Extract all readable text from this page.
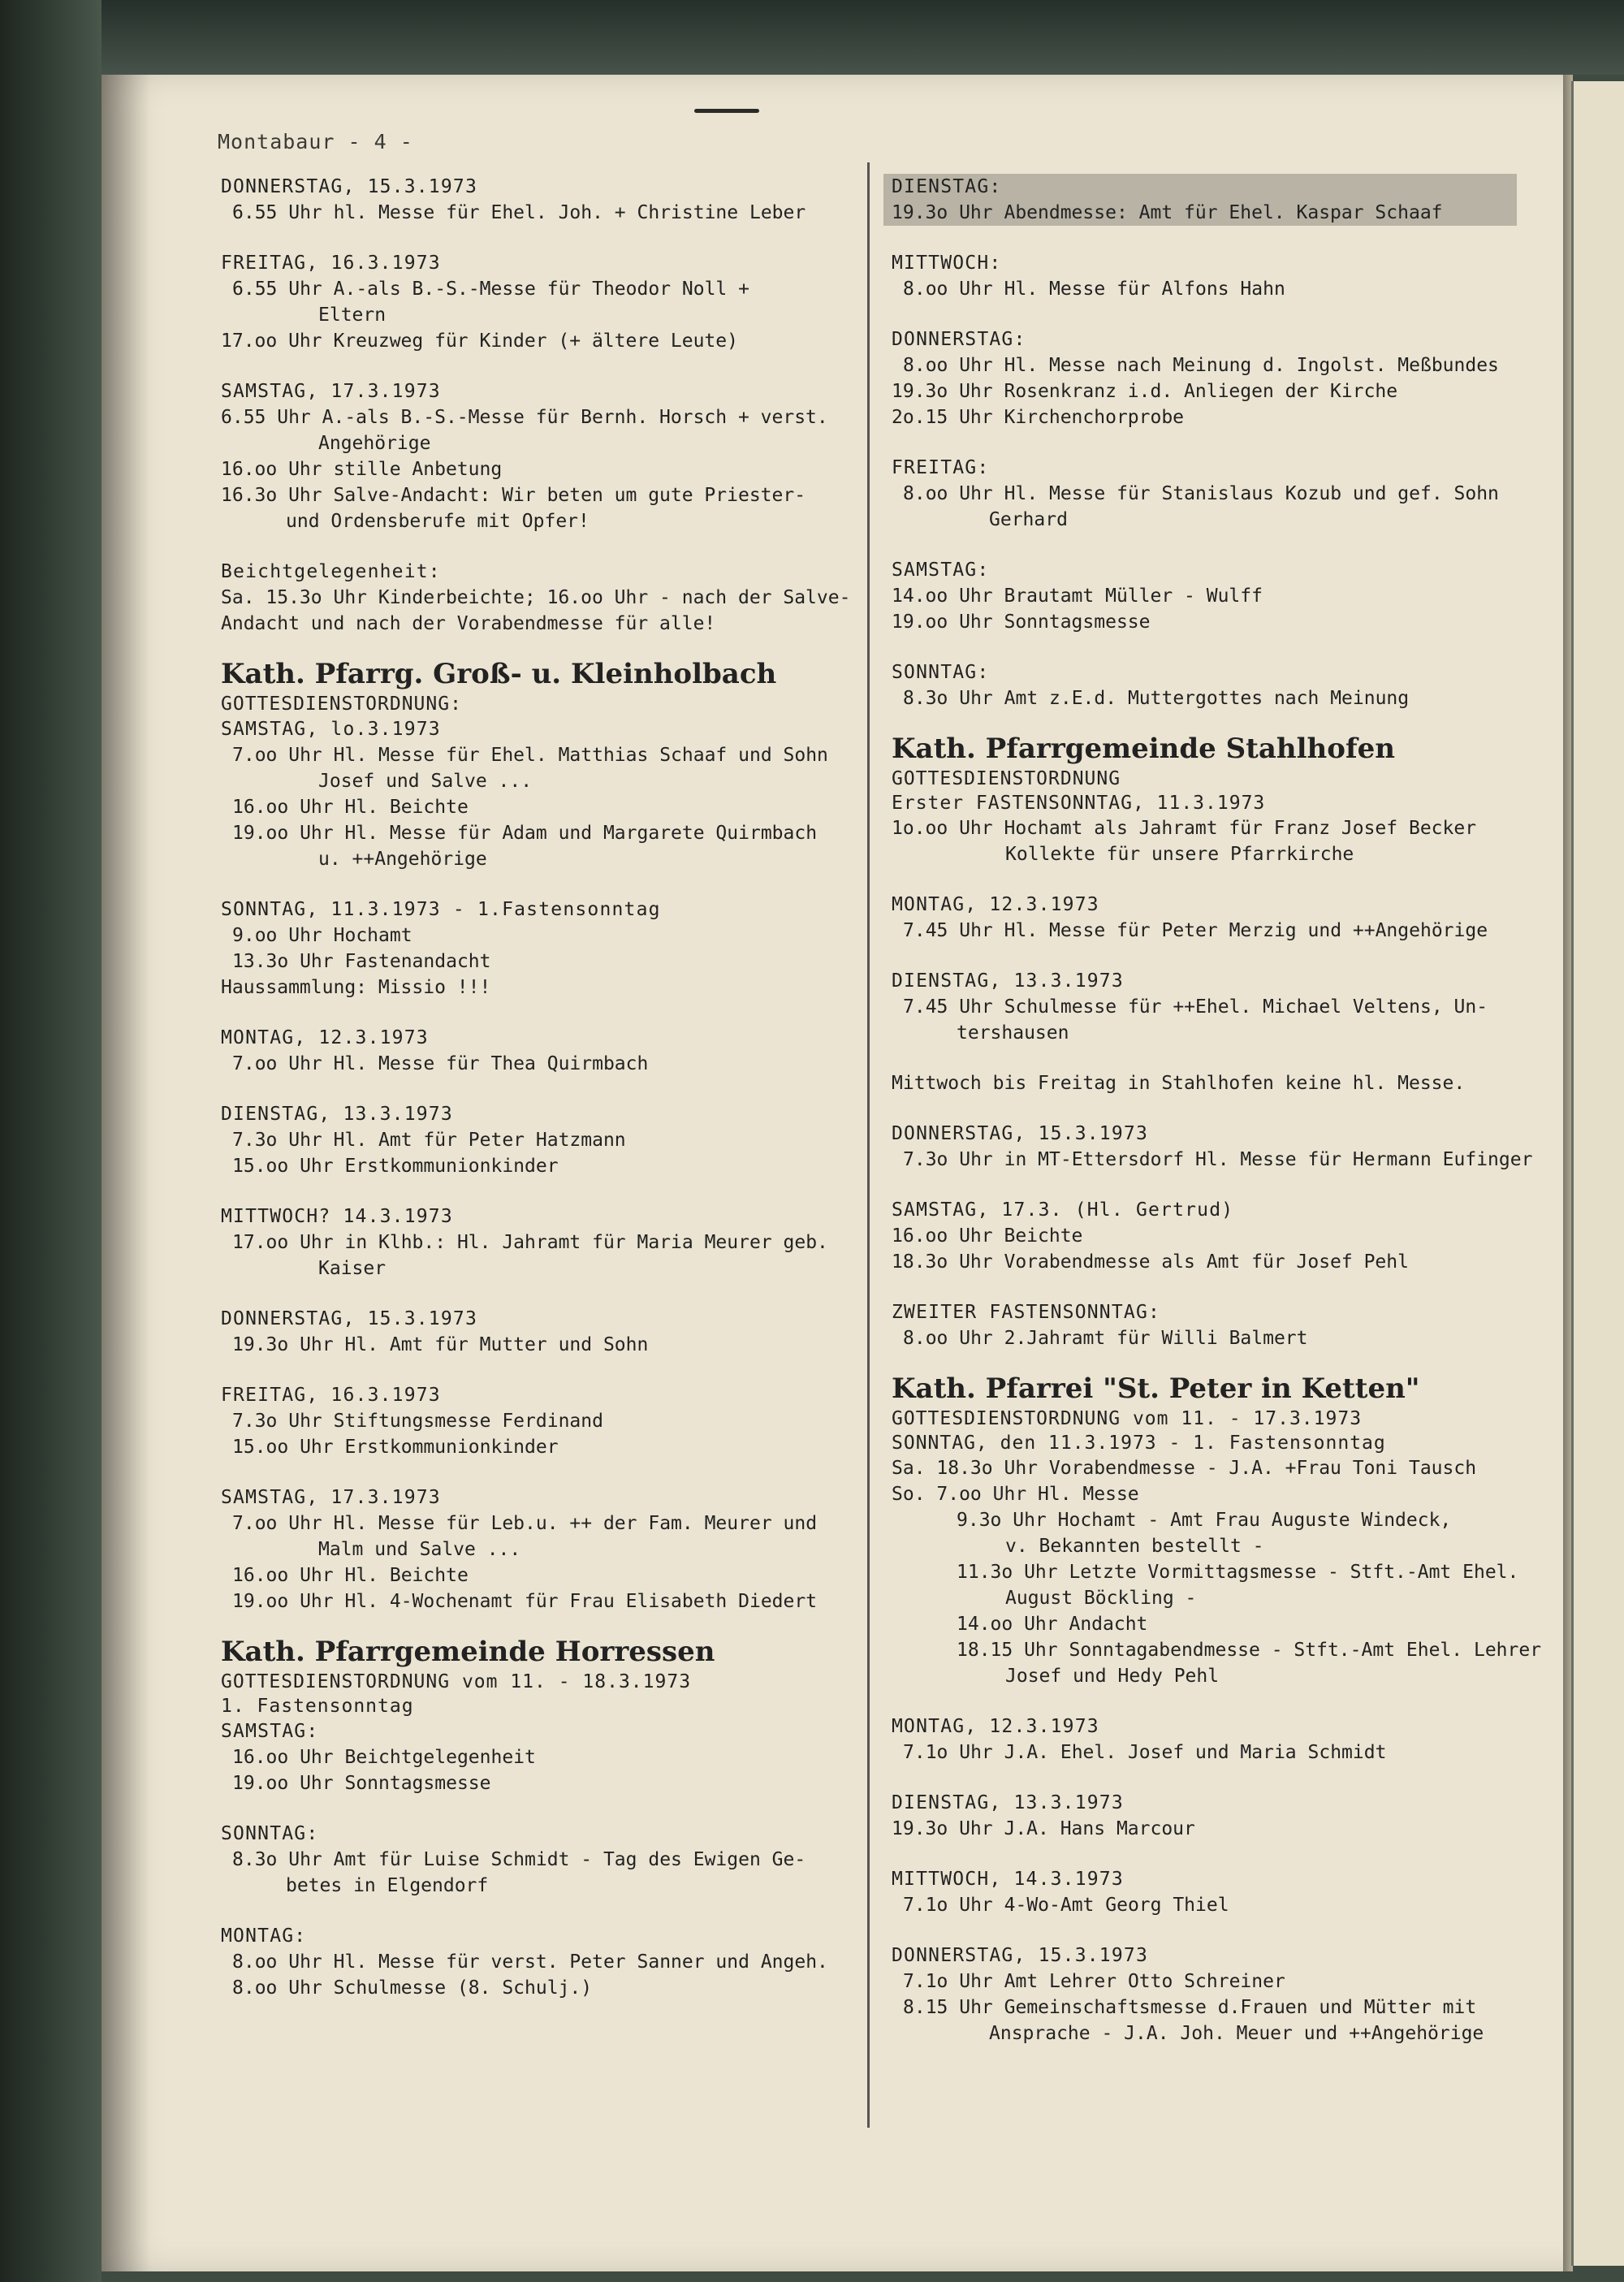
Montabaur - 4 -
DONNERSTAG, 15.3.1973
6.55 Uhr hl. Messe für Ehel. Joh. + Christine Leber
FREITAG, 16.3.1973
6.55 Uhr A.-als B.-S.-Messe für Theodor Noll +
Eltern
17.oo Uhr Kreuzweg für Kinder (+ ältere Leute)
SAMSTAG, 17.3.1973
6.55 Uhr A.-als B.-S.-Messe für Bernh. Horsch + verst.
Angehörige
16.oo Uhr stille Anbetung
16.3o Uhr Salve-Andacht: Wir beten um gute Priester-
und Ordensberufe mit Opfer!
Beichtgelegenheit:
Sa. 15.3o Uhr Kinderbeichte; 16.oo Uhr - nach der Salve-
Andacht und nach der Vorabendmesse für alle!
Kath. Pfarrg. Groß- u. Kleinholbach
GOTTESDIENSTORDNUNG:
SAMSTAG, lo.3.1973
7.oo Uhr Hl. Messe für Ehel. Matthias Schaaf und Sohn
Josef und Salve ...
16.oo Uhr Hl. Beichte
19.oo Uhr Hl. Messe für Adam und Margarete Quirmbach
u. ++Angehörige
SONNTAG, 11.3.1973 - 1.Fastensonntag
9.oo Uhr Hochamt
13.3o Uhr Fastenandacht
Haussammlung: Missio !!!
MONTAG, 12.3.1973
7.oo Uhr Hl. Messe für Thea Quirmbach
DIENSTAG, 13.3.1973
7.3o Uhr Hl. Amt für Peter Hatzmann
15.oo Uhr Erstkommunionkinder
MITTWOCH? 14.3.1973
17.oo Uhr in Klhb.: Hl. Jahramt für Maria Meurer geb.
Kaiser
DONNERSTAG, 15.3.1973
19.3o Uhr Hl. Amt für Mutter und Sohn
FREITAG, 16.3.1973
7.3o Uhr Stiftungsmesse Ferdinand
15.oo Uhr Erstkommunionkinder
SAMSTAG, 17.3.1973
7.oo Uhr Hl. Messe für Leb.u. ++ der Fam. Meurer und
Malm und Salve ...
16.oo Uhr Hl. Beichte
19.oo Uhr Hl. 4-Wochenamt für Frau Elisabeth Diedert
Kath. Pfarrgemeinde Horressen
GOTTESDIENSTORDNUNG vom 11. - 18.3.1973
1. Fastensonntag
SAMSTAG:
16.oo Uhr Beichtgelegenheit
19.oo Uhr Sonntagsmesse
SONNTAG:
8.3o Uhr Amt für Luise Schmidt - Tag des Ewigen Ge-
betes in Elgendorf
MONTAG:
8.oo Uhr Hl. Messe für verst. Peter Sanner und Angeh.
8.oo Uhr Schulmesse (8. Schulj.)
DIENSTAG:
19.3o Uhr Abendmesse: Amt für Ehel. Kaspar Schaaf
MITTWOCH:
8.oo Uhr Hl. Messe für Alfons Hahn
DONNERSTAG:
8.oo Uhr Hl. Messe nach Meinung d. Ingolst. Meßbundes
19.3o Uhr Rosenkranz i.d. Anliegen der Kirche
2o.15 Uhr Kirchenchorprobe
FREITAG:
8.oo Uhr Hl. Messe für Stanislaus Kozub und gef. Sohn
Gerhard
SAMSTAG:
14.oo Uhr Brautamt Müller - Wulff
19.oo Uhr Sonntagsmesse
SONNTAG:
8.3o Uhr Amt z.E.d. Muttergottes nach Meinung
Kath. Pfarrgemeinde Stahlhofen
GOTTESDIENSTORDNUNG
Erster FASTENSONNTAG, 11.3.1973
1o.oo Uhr Hochamt als Jahramt für Franz Josef Becker
Kollekte für unsere Pfarrkirche
MONTAG, 12.3.1973
7.45 Uhr Hl. Messe für Peter Merzig und ++Angehörige
DIENSTAG, 13.3.1973
7.45 Uhr Schulmesse für ++Ehel. Michael Veltens, Un-
tershausen
Mittwoch bis Freitag in Stahlhofen keine hl. Messe.
DONNERSTAG, 15.3.1973
7.3o Uhr in MT-Ettersdorf Hl. Messe für Hermann Eufinger
SAMSTAG, 17.3. (Hl. Gertrud)
16.oo Uhr Beichte
18.3o Uhr Vorabendmesse als Amt für Josef Pehl
ZWEITER FASTENSONNTAG:
8.oo Uhr 2.Jahramt für Willi Balmert
Kath. Pfarrei "St. Peter in Ketten"
GOTTESDIENSTORDNUNG vom 11. - 17.3.1973
SONNTAG, den 11.3.1973 - 1. Fastensonntag
Sa. 18.3o Uhr Vorabendmesse - J.A. +Frau Toni Tausch
So. 7.oo Uhr Hl. Messe
9.3o Uhr Hochamt - Amt Frau Auguste Windeck,
v. Bekannten bestellt -
11.3o Uhr Letzte Vormittagsmesse - Stft.-Amt Ehel.
August Böckling -
14.oo Uhr Andacht
18.15 Uhr Sonntagabendmesse - Stft.-Amt Ehel. Lehrer
Josef und Hedy Pehl
MONTAG, 12.3.1973
7.1o Uhr J.A. Ehel. Josef und Maria Schmidt
DIENSTAG, 13.3.1973
19.3o Uhr J.A. Hans Marcour
MITTWOCH, 14.3.1973
7.1o Uhr 4-Wo-Amt Georg Thiel
DONNERSTAG, 15.3.1973
7.1o Uhr Amt Lehrer Otto Schreiner
8.15 Uhr Gemeinschaftsmesse d.Frauen und Mütter mit
Ansprache - J.A. Joh. Meuer und ++Angehörige
